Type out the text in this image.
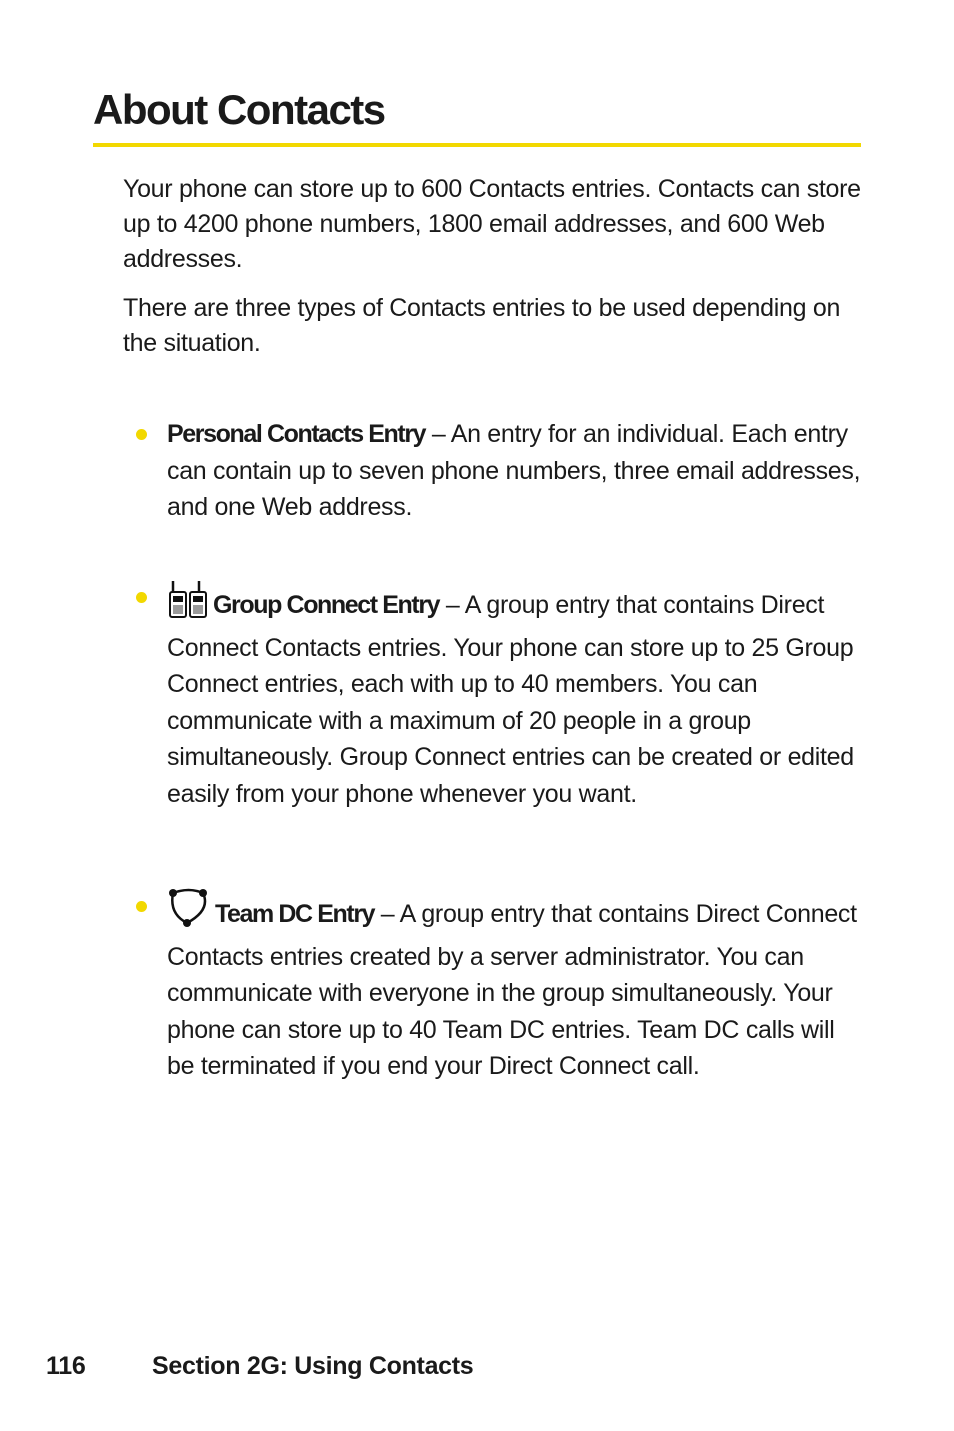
About Contacts

Your phone can store up to 600 Contacts entries. Contacts can store up to 4200 phone numbers, 1800 email addresses, and 600 Web addresses.

There are three types of Contacts entries to be used depending on the situation.

Personal Contacts Entry – An entry for an individual. Each entry can contain up to seven phone numbers, three email addresses, and one Web address.
Group Connect Entry – A group entry that contains Direct Connect Contacts entries. Your phone can store up to 25 Group Connect entries, each with up to 40 members. You can communicate with a maximum of 20 people in a group simultaneously. Group Connect entries can be created or edited easily from your phone whenever you want.
Team DC Entry – A group entry that contains Direct Connect Contacts entries created by a server administrator. You can communicate with everyone in the group simultaneously. Your phone can store up to 40 Team DC entries. Team DC calls will be terminated if you end your Direct Connect call.
116	Section 2G: Using Contacts
